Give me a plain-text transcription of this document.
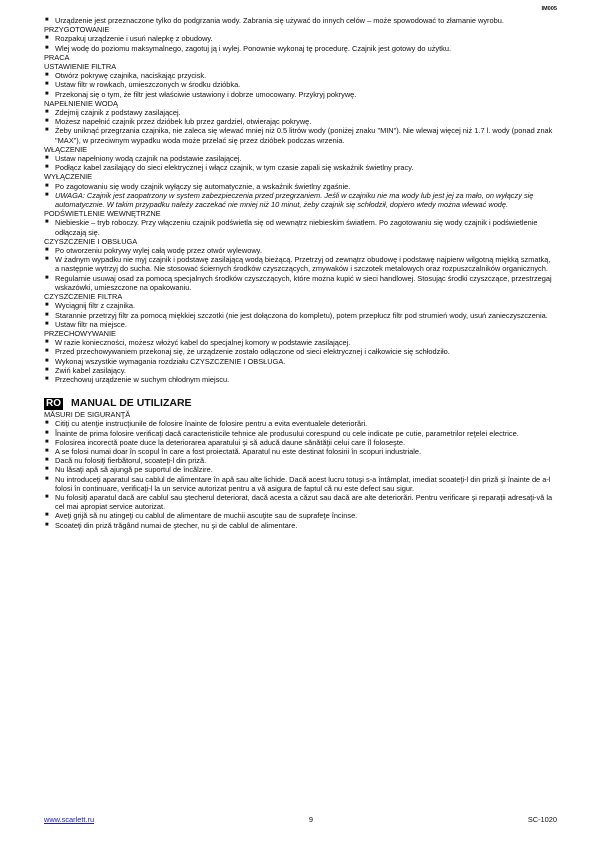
IM005
■ Urządzenie jest przeznaczone tylko do podgrzania wody. Zabrania się używać do innych celów – może spowodować to złamanie wyrobu.
PRZYGOTOWANIE
■ Rozpakuj urządzenie i usuń nalepkę z obudowy.
■ Wlej wodę do poziomu maksymalnego, zagotuj ją i wylej. Ponownie wykonaj tę procedurę. Czajnik jest gotowy do użytku.
PRACA
USTAWIENIE FILTRA
■ Otwórz pokrywę czajnika, naciskając przycisk.
■ Ustaw filtr w rowkach, umieszczonych w środku dzióbka.
■ Przekonaj się o tym, że filtr jest właściwie ustawiony i dobrze umocowany. Przykryj pokrywę.
NAPEŁNIENIE WODĄ
■ Zdejmij czajnik z podstawy zasilającej.
■ Możesz napełnić czajnik przez dzióbek lub przez gardziel, otwierając pokrywę.
■ Żeby uniknąć przegrzania czajnika, nie zaleca się wlewać mniej niż 0.5 litrów wody (poniżej znaku "MIN"). Nie wlewaj więcej niż 1.7 l. wody (ponad znak "MAX"), w przeciwnym wypadku woda może przelać się przez dzióbek podczas wrzenia.
WŁĄCZENIE
■ Ustaw napełniony wodą czajnik na podstawie zasilającej.
■ Podłącz kabel zasilający do sieci elektrycznej i włącz czajnik, w tym czasie zapali się wskaźnik świetlny pracy.
WYŁĄCZENIE
■ Po zagotowaniu się wody czajnik wyłączy się automatycznie, a wskaźnik świetlny zgaśnie.
■ UWAGA: Czajnik jest zaopatrzony w system zabezpieczenia przed przegrzaniem. Jeśli w czajniku nie ma wody lub jest jej za mało, on wyłączy się automatycznie. W takim przypadku należy zaczekać nie mniej niż 10 minut, żeby czajnik się schłodził, dopiero wtedy można wlewać wodę.
PODŚWIETLENIE WEWNĘTRZNE
■ Niebieskie – tryb roboczy. Przy włączeniu czajnik podświetla się od wewnątrz niebieskim światłem. Po zagotowaniu się wody czajnik i podświetlenie odłączają się.
CZYSZCZENIE I OBSŁUGA
■ Po otworzeniu pokrywy wylej całą wodę przez otwór wylewowy.
■ W żadnym wypadku nie myj czajnik i podstawę zasilającą wodą bieżącą. Przetrzyj od zewnątrz obudowę i podstawę najpierw wilgotną miękką szmatką, a następnie wytrzyj do sucha. Nie stosować ściernych środków czyszczących, zmywaków i szczotek metalowych oraz rozpuszczalników organicznych.
■ Regularnie usuwaj osad za pomocą specjalnych środków czyszczących, które można kupić w sieci handlowej. Stosując środki czyszczące, przestrzegaj wskazówki, umieszczone na opakowaniu.
CZYSZCZENIE FILTRA
■ Wyciągnij filtr z czajnika.
■ Starannie przetrzyj filtr za pomocą miękkiej szczotki (nie jest dołączona do kompletu), potem przepłucz filtr pod strumień wody, usuń zanieczyszczenia.
■ Ustaw filtr na miejsce.
PRZECHOWYWANIE
■ W razie konieczności, możesz włożyć kabel do specjalnej komory w podstawie zasilającej.
■ Przed przechowywaniem przekonaj się, że urządzenie zostało odłączone od sieci elektrycznej i całkowicie się schłodziło.
■ Wykonaj wszystkie wymagania rozdziału CZYSZCZENIE I OBSŁUGA.
■ Zwiń kabel zasilający.
■ Przechowuj urządzenie w suchym chłodnym miejscu.
RO MANUAL DE UTILIZARE
MĂSURI DE SIGURANŢĂ
■ Citiţi cu atenţie instrucţiunile de folosire înainte de folosire pentru a evita eventualele deteriorări.
■ Înainte de prima folosire verificaţi dacă caracteristicile tehnice ale produsului corespund cu cele indicate pe cutie, parametrilor reţelei electrice.
■ Folosirea incorectă poate duce la deteriorarea aparatului şi să aducă daune sănătăţii celui care îl foloseşte.
■ A se folosi numai doar în scopul în care a fost proiectată. Aparatul nu este destinat folosirii în scopuri industriale.
■ Dacă nu folosiţi fierbătorul, scoateţi-l din priză.
■ Nu lăsaţi apă să ajungă pe suportul de încălzire.
■ Nu introduceţi aparatul sau cablul de alimentare în apă sau alte lichide. Dacă acest lucru totuşi s-a întâmplat, imediat scoateţi-l din priză şi înainte de a-l folosi în continuare, verificaţi-l la un service autorizat pentru a vă asigura de faptul că nu este defect sau sigur.
■ Nu folosiţi aparatul dacă are cablul sau ştecherul deteriorat, dacă acesta a căzut sau dacă are alte deteriorări. Pentru verificare şi reparaţii adresaţi-vă la cel mai apropiat service autorizat.
■ Aveţi grijă să nu atingeţi cu cablul de alimentare de muchii ascuţite sau de suprafeţe încinse.
■ Scoateţi din priză trăgând numai de ştecher, nu şi de cablul de alimentare.
www.scarlett.ru	9	SC-1020
